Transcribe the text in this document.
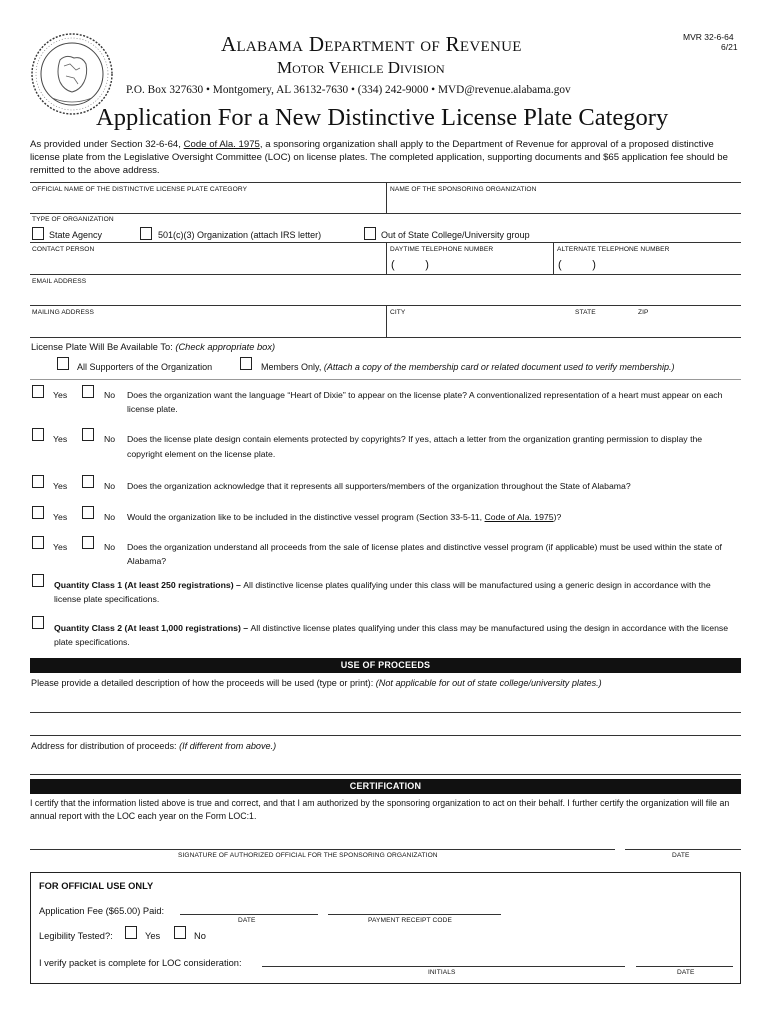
Alabama Department of Revenue
Motor Vehicle Division
P.O. Box 327630 • Montgomery, AL 36132-7630 • (334) 242-9000 • MVD@revenue.alabama.gov
MVR 32-6-64
6/21
Application For a New Distinctive License Plate Category
As provided under Section 32-6-64, Code of Ala. 1975, a sponsoring organization shall apply to the Department of Revenue for approval of a proposed distinctive license plate from the Legislative Oversight Committee (LOC) on license plates. The completed application, supporting documents and $65 application fee should be remitted to the above address.
OFFICIAL NAME OF THE DISTINCTIVE LICENSE PLATE CATEGORY	NAME OF THE SPONSORING ORGANIZATION
TYPE OF ORGANIZATION
State Agency	501(c)(3) Organization (attach IRS letter)	Out of State College/University group
CONTACT PERSON	DAYTIME TELEPHONE NUMBER	ALTERNATE TELEPHONE NUMBER
(          )	(          )
EMAIL ADDRESS
MAILING ADDRESS	CITY	STATE	ZIP
License Plate Will Be Available To: (Check appropriate box)
All Supporters of the Organization	Members Only, (Attach a copy of the membership card or related document used to verify membership.)
Yes	No Does the organization want the language “Heart of Dixie” to appear on the license plate? A conventionalized representation of a heart must appear on each license plate.
Yes	No Does the license plate design contain elements protected by copyrights? If yes, attach a letter from the organization granting permission to display the copyright element on the license plate.
Yes	No Does the organization acknowledge that it represents all supporters/members of the organization throughout the State of Alabama?
Yes	No Would the organization like to be included in the distinctive vessel program (Section 33-5-11, Code of Ala. 1975)?
Yes	No Does the organization understand all proceeds from the sale of license plates and distinctive vessel program (if applicable) must be used within the state of Alabama?
Quantity Class 1 (At least 250 registrations) – All distinctive license plates qualifying under this class will be manufactured using a generic design in accordance with the license plate specifications.
Quantity Class 2 (At least 1,000 registrations) – All distinctive license plates qualifying under this class may be manufactured using the design in accordance with the license plate specifications.
USE OF PROCEEDS
Please provide a detailed description of how the proceeds will be used (type or print): (Not applicable for out of state college/university plates.)
Address for distribution of proceeds: (If different from above.)
CERTIFICATION
I certify that the information listed above is true and correct, and that I am authorized by the sponsoring organization to act on their behalf. I further certify the organization will file an annual report with the LOC each year on the Form LOC:1.
SIGNATURE OF AUTHORIZED OFFICIAL FOR THE SPONSORING ORGANIZATION	DATE
FOR OFFICIAL USE ONLY
Application Fee ($65.00) Paid:
DATE	PAYMENT RECEIPT CODE
Legibility Tested?:	Yes	No
I verify packet is complete for LOC consideration:
INITIALS	DATE
